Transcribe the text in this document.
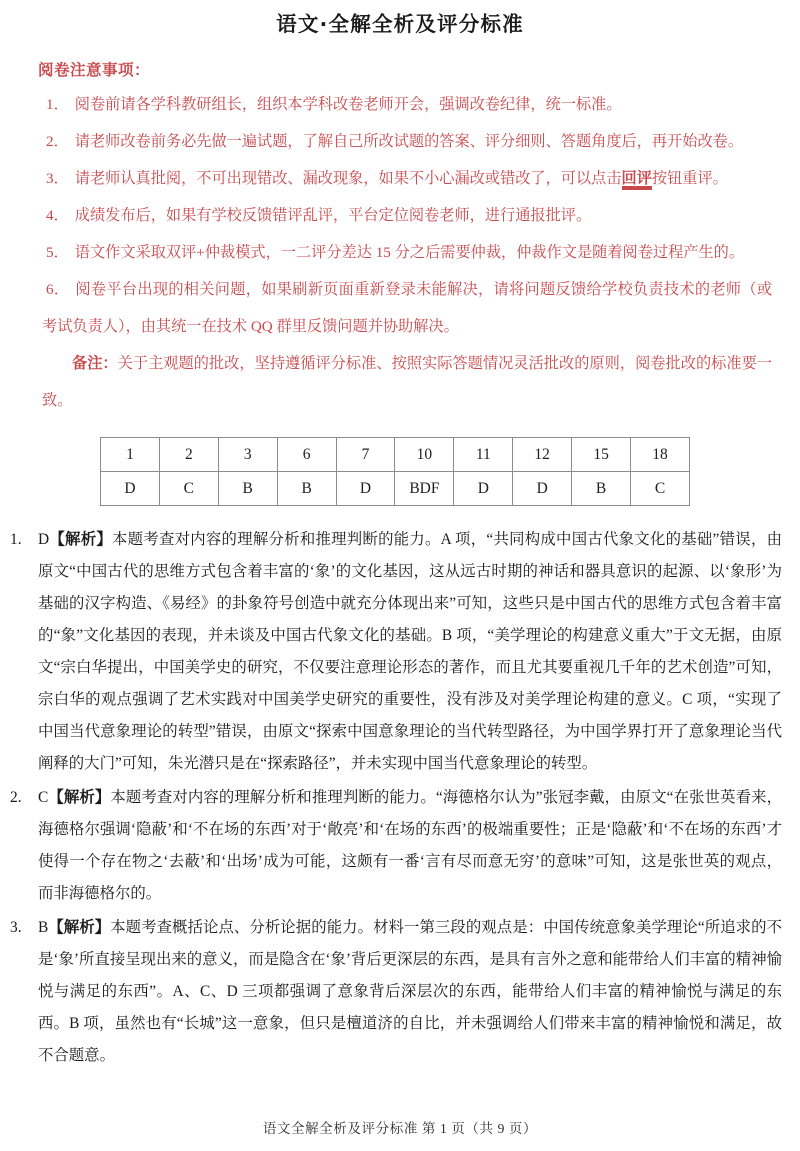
语文·全解全析及评分标准
阅卷注意事项：
1． 阅卷前请各学科教研组长，组织本学科改卷老师开会，强调改卷纪律，统一标准。
2． 请老师改卷前务必先做一遍试题，了解自己所改试题的答案、评分细则、答题角度后，再开始改卷。
3． 请老师认真批阅，不可出现错改、漏改现象，如果不小心漏改或错改了，可以点击回评按钮重评。
4． 成绩发布后，如果有学校反馈错评乱评，平台定位阅卷老师，进行通报批评。
5． 语文作文采取双评+仲裁模式，一二评分差达 15 分之后需要仲裁，仲裁作文是随着阅卷过程产生的。
6． 阅卷平台出现的相关问题，如果刷新页面重新登录未能解决，请将问题反馈给学校负责技术的老师（或考试负责人），由其统一在技术 QQ 群里反馈问题并协助解决。

备注：关于主观题的批改，坚持遵循评分标准、按照实际答题情况灵活批改的原则，阅卷批改的标准要一致。

1	2	3	6	7	10	11	12	15	18
D	C	B	B	D	BDF	D	D	B	C
1.	D【解析】本题考查对内容的理解分析和推理判断的能力。A 项，“共同构成中国古代象文化的基础”错误，由原文“中国古代的思维方式包含着丰富的‘象’的文化基因，这从远古时期的神话和器具意识的起源、以‘象形’为基础的汉字构造、《易经》的卦象符号创造中就充分体现出来”可知，这些只是中国古代的思维方式包含着丰富的“象”文化基因的表现，并未谈及中国古代象文化的基础。B 项，“美学理论的构建意义重大”于文无据，由原文“宗白华提出，中国美学史的研究，不仅要注意理论形态的著作，而且尤其要重视几千年的艺术创造”可知，宗白华的观点强调了艺术实践对中国美学史研究的重要性，没有涉及对美学理论构建的意义。C 项，“实现了中国当代意象理论的转型”错误，由原文“探索中国意象理论的当代转型路径，为中国学界打开了意象理论当代阐释的大门”可知，朱光潜只是在“探索路径”，并未实现中国当代意象理论的转型。
2.	C【解析】本题考查对内容的理解分析和推理判断的能力。“海德格尔认为”张冠李戴，由原文“在张世英看来，海德格尔强调‘隐蔽’和‘不在场的东西’对于‘敞亮’和‘在场的东西’的极端重要性；正是‘隐蔽’和‘不在场的东西’才使得一个存在物之‘去蔽’和‘出场’成为可能，这颇有一番‘言有尽而意无穷’的意味”可知，这是张世英的观点，而非海德格尔的。
3.	B【解析】本题考查概括论点、分析论据的能力。材料一第三段的观点是：中国传统意象美学理论“所追求的不是‘象’所直接呈现出来的意义，而是隐含在‘象’背后更深层的东西，是具有言外之意和能带给人们丰富的精神愉悦与满足的东西”。A、C、D 三项都强调了意象背后深层次的东西，能带给人们丰富的精神愉悦与满足的东西。B 项，虽然也有“长城”这一意象，但只是檀道济的自比，并未强调给人们带来丰富的精神愉悦和满足，故不合题意。
语文全解全析及评分标准 第 1 页（共 9 页）
